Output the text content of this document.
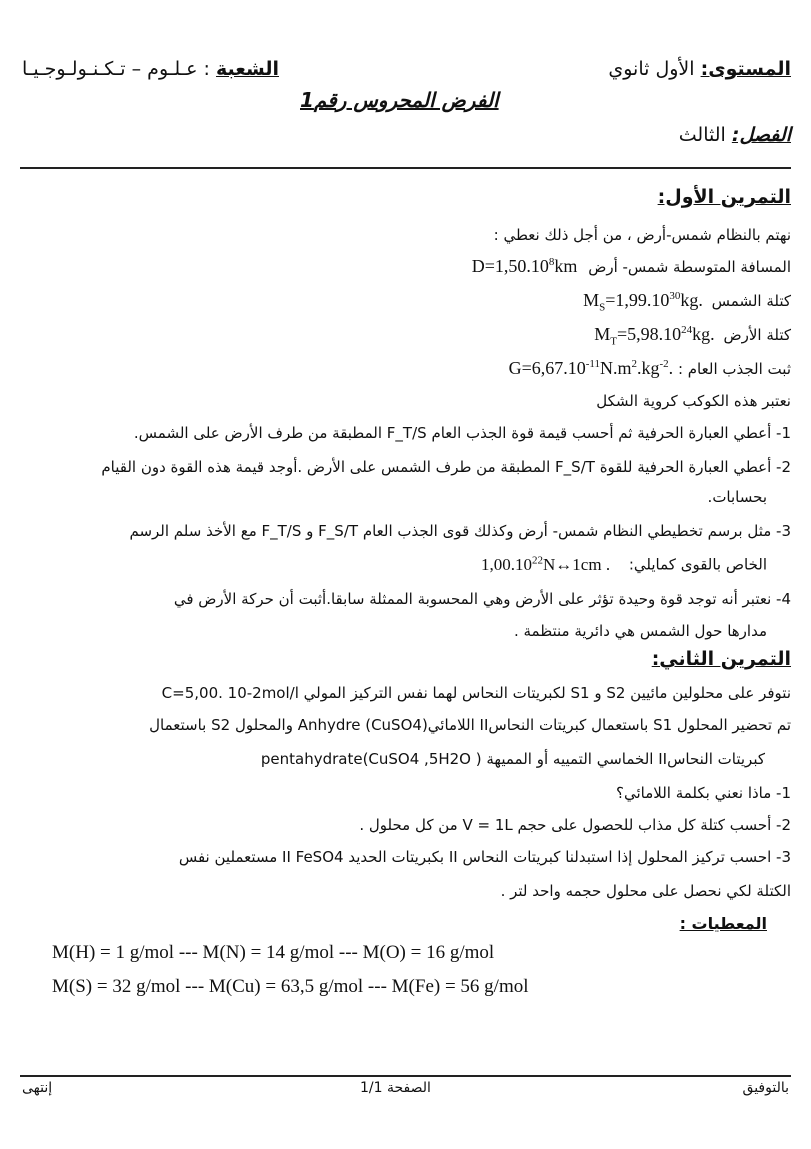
المستوى: الأول ثانوي
الشعبة : عـلـوم – تـكـنـولـوجـيـا
الفرض المحروس رقم1
الفصل: الثالث
التمرين الأول:
نهتم بالنظام شمس-أرض ، من أجل ذلك نعطي :
المسافة المتوسطة شمس- أرض $D=1,50.10^8km$
كتلة الشمس $M_S=1,99.10^{30}kg$.
كتلة الأرض $M_T=5,98.10^{24}kg$.
ثبت الجذب العام : $G=6,67.10^{-11}N.m^2.kg^{-2}$.
نعتبر هذه الكوكب كروية الشكل
1- أعطي العبارة الحرفية ثم أحسب قيمة قوة الجذب العام F_T/S المطبقة من طرف الأرض على الشمس.
2- أعطي العبارة الحرفية للقوة F_S/T المطبقة من طرف الشمس على الأرض .أوجد قيمة هذه القوة دون القيام
بحسابات.
3- مثل برسم تخطيطي النظام شمس- أرض وكذلك قوى الجذب العام F_S/T و F_T/S مع الأخذ سلم الرسم
الخاص بالقوى كمايلي: 1,00.10$^{22}$N↔1cm .
4- نعتبر أنه توجد قوة وحيدة تؤثر على الأرض وهي المحسوبة الممثلة سابقا.أثبت أن حركة الأرض في
مدارها حول الشمس هي دائرية منتظمة .
التمرين الثاني:
نتوفر على محلولين مائيين S2 و S1 لكبريتات النحاس لهما نفس التركيز المولي C=5,00. 10-2mol/l
تم تحضير المحلول S1 باستعمال كبريتات النحاسII اللامائي(Anhydre (CuSO4 والمحلول S2 باستعمال
كبريتات النحاسII الخماسي التمييه أو المميهة ( pentahydrate(CuSO4 ,5H2O
1- ماذا نعني بكلمة اللامائي؟
2- أحسب كتلة كل مذاب للحصول على حجم V = 1L من كل محلول .
3- احسب تركيز المحلول إذا استبدلنا كبريتات النحاس II بكبريتات الحديد II FeSO4 مستعملين نفس
الكتلة لكي نحصل على محلول حجمه واحد لتر .
المعطيات :
M(H) = 1 g/mol --- M(N) = 14 g/mol --- M(O) = 16 g/mol
M(S) = 32 g/mol --- M(Cu) = 63,5 g/mol --- M(Fe) = 56 g/mol
إنتهى	الصفحة 1/1	بالتوفيق
